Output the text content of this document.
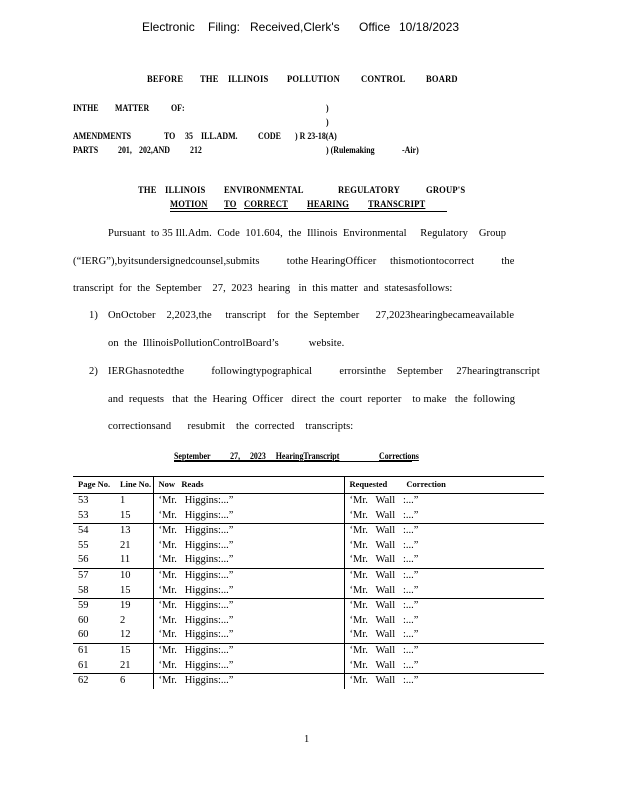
Electronic Filing: Received,Clerk's Office 10/18/2023
BEFORE THE ILLINOIS POLLUTION CONTROL BOARD
INTHE MATTER OF:	)
)
AMENDMENTS	TO 35 ILL.ADM. CODE ) R 23-18(A)
PARTS 201, 202,AND 212	) (Rulemaking	-Air)
THE ILLINOIS ENVIRONMENTAL	REGULATORY	GROUP'S
MOTION TO CORRECT HEARING TRANSCRIPT
Pursuant  to 35 Ill.Adm.  Code  101.604,  the  Illinois  Environmental     Regulatory    Group
(“IERG”),byitsundersignedcounsel,submits          tothe HearingOfficer     thismotiontocorrect          the
transcript  for  the  September    27,  2023  hearing   in  this matter  and  statesasfollows:
1) OnOctober    2,2023,the     transcript    for  the  September      27,2023hearingbecameavailable
on  the  IllinoisPollutionControlBoard’s           website.
2) IERGhasnotedthe          followingtypographical          errorsinthe    September     27hearingtranscript
and  requests   that  the  Hearing  Officer   direct  the  court  reporter    to make   the  following
correctionsand      resubmit    the  corrected    transcripts:
September          27,     2023     HearingTranscript	Corrections
Page No.	Line No.	Now   Reads	Requested         Correction
53	1	‘Mr.   Higgins:...”	‘Mr.   Wall   :...”
53	15	‘Mr.   Higgins:...”	‘Mr.   Wall   :...”
54	13	‘Mr.   Higgins:...”	‘Mr.   Wall   :...”
55	21	‘Mr.   Higgins:...”	‘Mr.   Wall   :...”
56	11	‘Mr.   Higgins:...”	‘Mr.   Wall   :...”
57	10	‘Mr.   Higgins:...”	‘Mr.   Wall   :...”
58	15	‘Mr.   Higgins:...”	‘Mr.   Wall   :...”
59	19	‘Mr.   Higgins:...”	‘Mr.   Wall   :...”
60	2	‘Mr.   Higgins:...”	‘Mr.   Wall   :...”
60	12	‘Mr.   Higgins:...”	‘Mr.   Wall   :...”
61	15	‘Mr.   Higgins:...”	‘Mr.   Wall   :...”
61	21	‘Mr.   Higgins:...”	‘Mr.   Wall   :...”
62	6	‘Mr.   Higgins:...”	‘Mr.   Wall   :...”
1
